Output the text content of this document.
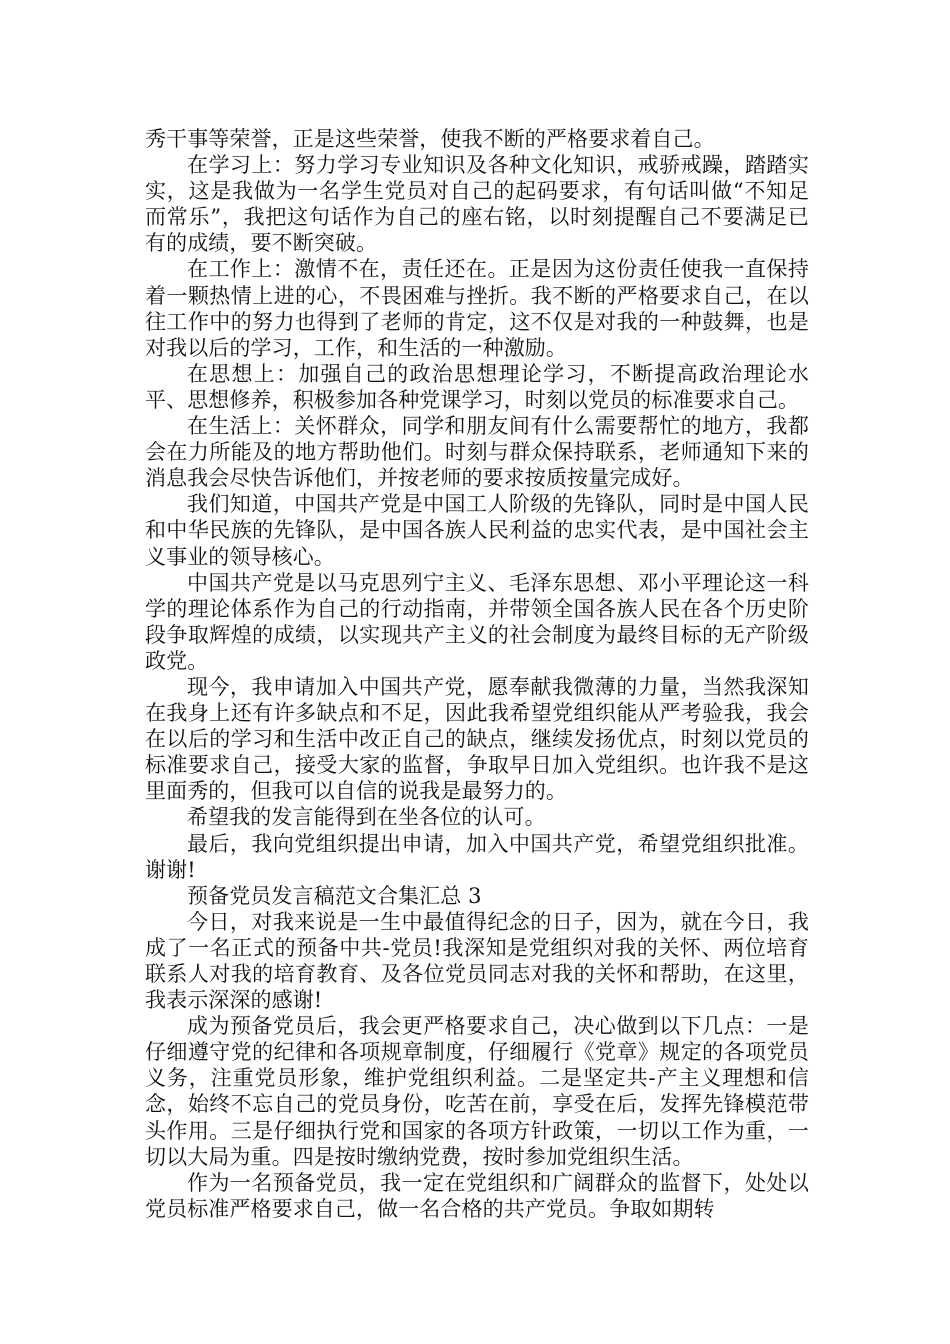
秀干事等荣誉，正是这些荣誉，使我不断的严格要求着自己。

在学习上：努力学习专业知识及各种文化知识，戒骄戒躁，踏踏实实，这是我做为一名学生党员对自己的起码要求，有句话叫做“不知足而常乐”，我把这句话作为自己的座右铭，以时刻提醒自己不要满足已有的成绩，要不断突破。

在工作上：激情不在，责任还在。正是因为这份责任使我一直保持着一颗热情上进的心，不畏困难与挫折。我不断的严格要求自己，在以往工作中的努力也得到了老师的肯定，这不仅是对我的一种鼓舞，也是对我以后的学习，工作，和生活的一种激励。

在思想上：加强自己的政治思想理论学习，不断提高政治理论水平、思想修养，积极参加各种党课学习，时刻以党员的标准要求自己。

在生活上：关怀群众，同学和朋友间有什么需要帮忙的地方，我都会在力所能及的地方帮助他们。时刻与群众保持联系，老师通知下来的消息我会尽快告诉他们，并按老师的要求按质按量完成好。

我们知道，中国共产党是中国工人阶级的先锋队，同时是中国人民和中华民族的先锋队，是中国各族人民利益的忠实代表，是中国社会主义事业的领导核心。

中国共产党是以马克思列宁主义、毛泽东思想、邓小平理论这一科学的理论体系作为自己的行动指南，并带领全国各族人民在各个历史阶段争取辉煌的成绩，以实现共产主义的社会制度为最终目标的无产阶级政党。

现今，我申请加入中国共产党，愿奉献我微薄的力量，当然我深知在我身上还有许多缺点和不足，因此我希望党组织能从严考验我，我会在以后的学习和生活中改正自己的缺点，继续发扬优点，时刻以党员的标准要求自己，接受大家的监督，争取早日加入党组织。也许我不是这里面秀的，但我可以自信的说我是最努力的。

希望我的发言能得到在坐各位的认可。

最后，我向党组织提出申请，加入中国共产党，希望党组织批准。谢谢!

预备党员发言稿范文合集汇总 3

今日，对我来说是一生中最值得纪念的日子，因为，就在今日，我成了一名正式的预备中共-党员!我深知是党组织对我的关怀、两位培育联系人对我的培育教育、及各位党员同志对我的关怀和帮助，在这里，我表示深深的感谢!

成为预备党员后，我会更严格要求自己，决心做到以下几点：一是仔细遵守党的纪律和各项规章制度，仔细履行《党章》规定的各项党员义务，注重党员形象，维护党组织利益。二是坚定共-产主义理想和信念，始终不忘自己的党员身份，吃苦在前，享受在后，发挥先锋模范带头作用。三是仔细执行党和国家的各项方针政策，一切以工作为重，一切以大局为重。四是按时缴纳党费，按时参加党组织生活。

作为一名预备党员，我一定在党组织和广阔群众的监督下，处处以党员标准严格要求自己，做一名合格的共产党员。争取如期转
